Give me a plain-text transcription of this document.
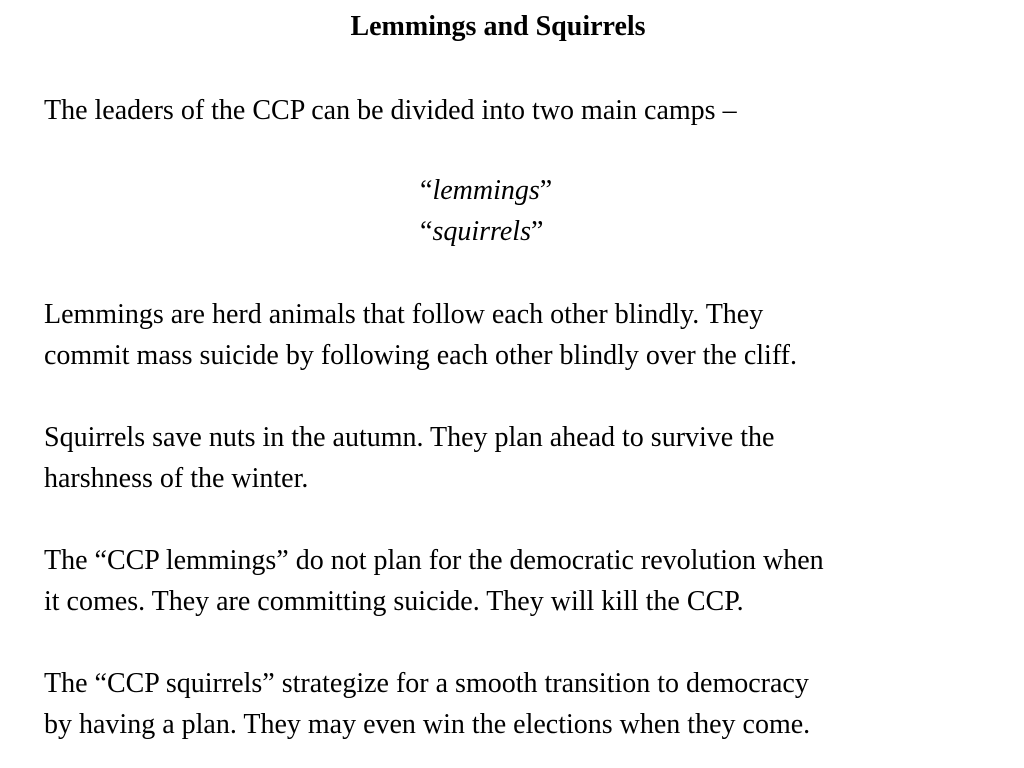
Lemmings and Squirrels
The leaders of the CCP can be divided into two main camps –
“lemmings”
“squirrels”
Lemmings are herd animals that follow each other blindly. They
commit mass suicide by following each other blindly over the cliff.
Squirrels save nuts in the autumn. They plan ahead to survive the
harshness of the winter.
The “CCP lemmings” do not plan for the democratic revolution when
it comes. They are committing suicide. They will kill the CCP.
The “CCP squirrels” strategize for a smooth transition to democracy
by having a plan. They may even win the elections when they come.
